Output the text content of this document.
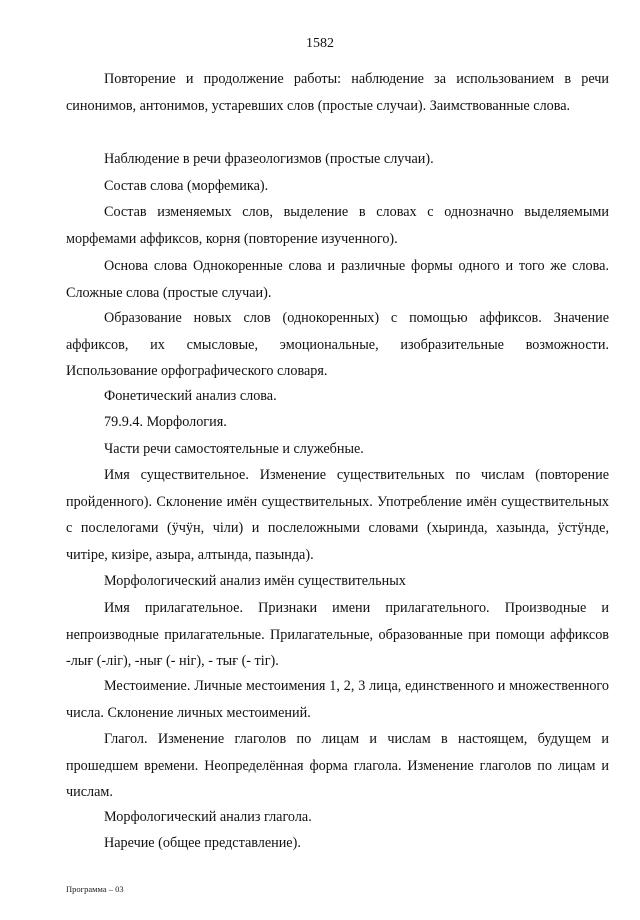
1582

Повторение и продолжение работы: наблюдение за использованием в речи синонимов, антонимов, устаревших слов (простые случаи). Заимствованные слова.

Наблюдение в речи фразеологизмов (простые случаи).

Состав слова (морфемика).

Состав изменяемых слов, выделение в словах с однозначно выделяемыми морфемами аффиксов, корня (повторение изученного).

Основа слова Однокоренные слова и различные формы одного и того же слова. Сложные слова (простые случаи).

Образование новых слов (однокоренных) с помощью аффиксов. Значение аффиксов, их смысловые, эмоциональные, изобразительные возможности. Использование орфографического словаря.

Фонетический анализ слова.

79.9.4. Морфология.

Части речи самостоятельные и служебные.

Имя существительное. Изменение существительных по числам (повторение пройденного). Склонение имён существительных. Употребление имён существительных с послелогами (ӱчӱн, чіли) и послеложными словами (хыринда, хазында, ӱстӱнде, читіре, кизіре, азыра, алтында, пазында).

Морфологический анализ имён существительных

Имя прилагательное. Признаки имени прилагательного. Производные и непроизводные прилагательные. Прилагательные, образованные при помощи аффиксов -лығ (-ліг), -нығ (- ніг), - тығ (- тіг).

Местоимение. Личные местоимения 1, 2, 3 лица, единственного и множественного числа. Склонение личных местоимений.

Глагол. Изменение глаголов по лицам и числам в настоящем, будущем и прошедшем времени. Неопределённая форма глагола. Изменение глаголов по лицам и числам.

Морфологический анализ глагола.

Наречие (общее представление).

Программа – 03
